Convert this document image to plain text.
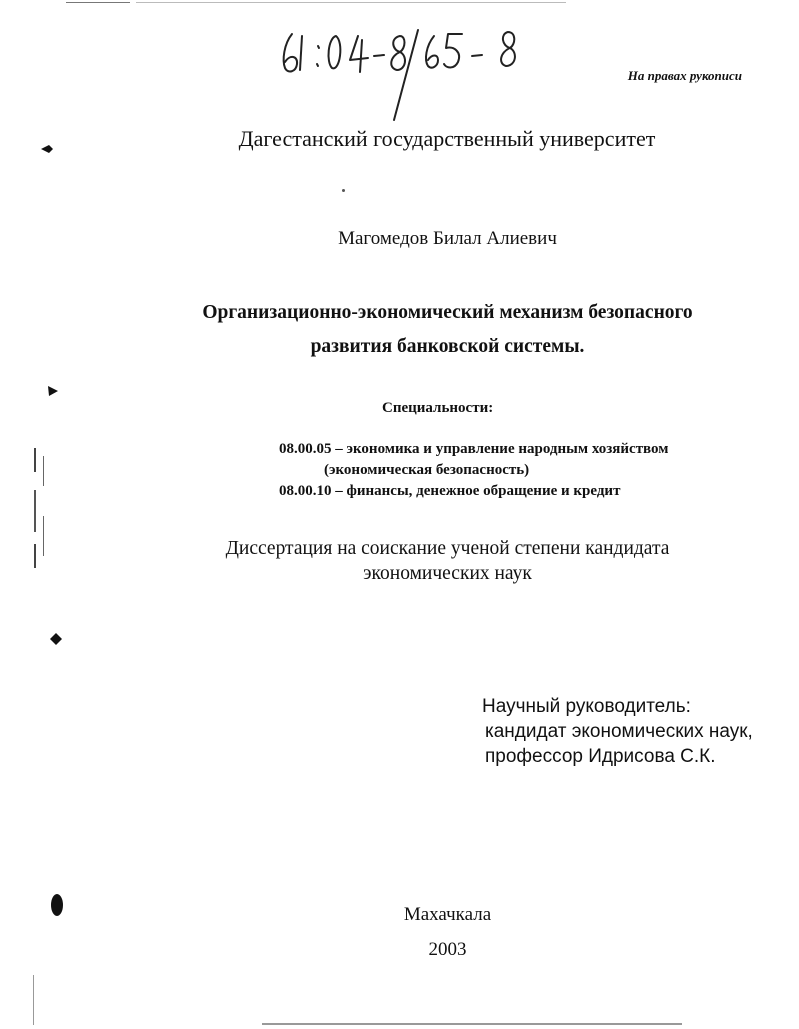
На правах рукописи
Дагестанский государственный университет
Магомедов Билал Алиевич
Организационно-экономический механизм безопасного
развития банковской системы.
Специальности:
08.00.05 – экономика и управление народным хозяйством
(экономическая безопасность)
08.00.10 – финансы, денежное обращение и кредит
Диссертация на соискание ученой степени кандидата
экономических наук
Научный руководитель:
кандидат экономических наук,
профессор Идрисова С.К.
Махачкала
2003
